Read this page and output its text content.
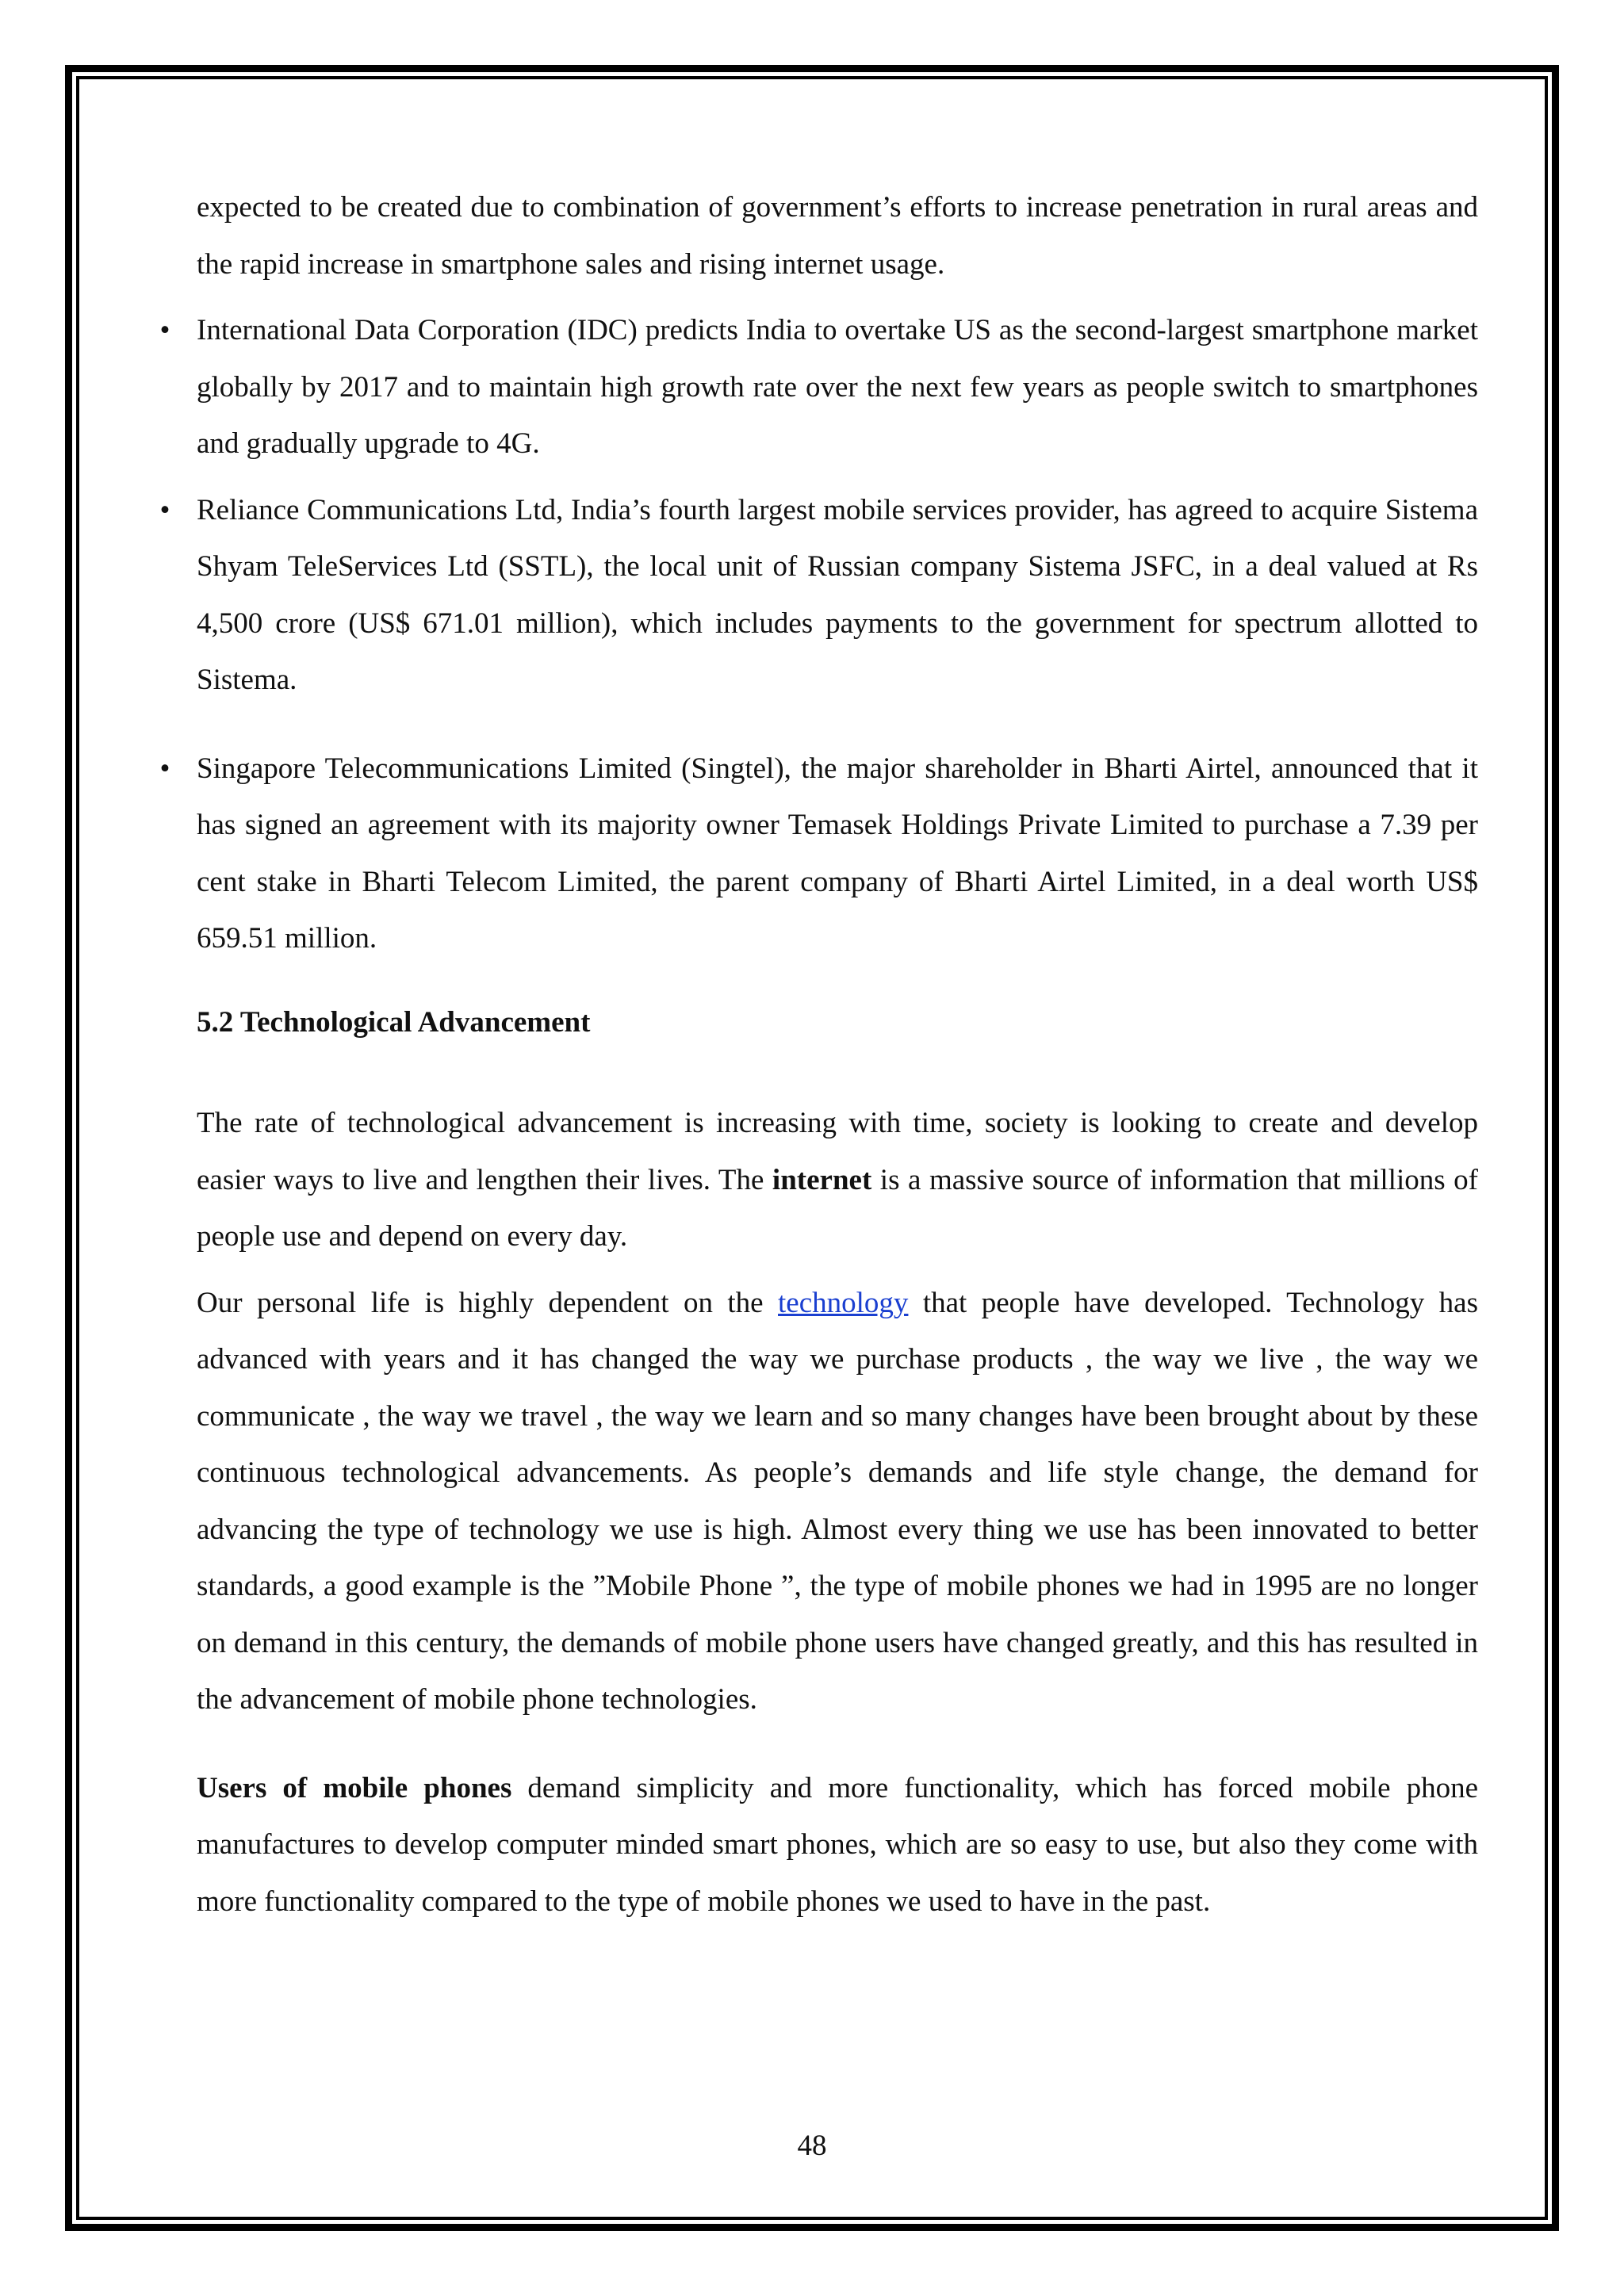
expected to be created due to combination of government’s efforts to increase penetration in rural areas and the rapid increase in smartphone sales and rising internet usage.

• International Data Corporation (IDC) predicts India to overtake US as the second-largest smartphone market globally by 2017 and to maintain high growth rate over the next few years as people switch to smartphones and gradually upgrade to 4G.
• Reliance Communications Ltd, India’s fourth largest mobile services provider, has agreed to acquire Sistema Shyam TeleServices Ltd (SSTL), the local unit of Russian company Sistema JSFC, in a deal valued at Rs 4,500 crore (US$ 671.01 million), which includes payments to the government for spectrum allotted to Sistema.
• Singapore Telecommunications Limited (Singtel), the major shareholder in Bharti Airtel, announced that it has signed an agreement with its majority owner Temasek Holdings Private Limited to purchase a 7.39 per cent stake in Bharti Telecom Limited, the parent company of Bharti Airtel Limited, in a deal worth US$ 659.51 million.
5.2 Technological Advancement

The rate of technological advancement is increasing with time, society is looking to create and develop easier ways to live and lengthen their lives. The internet is a massive source of information that millions of people use and depend on every day.

Our personal life is highly dependent on the technology that people have developed. Technology has advanced with years and it has changed the way we purchase products , the way we live , the way we communicate , the way we travel , the way we learn and so many changes have been brought about by these continuous technological advancements. As people’s demands and life style change, the demand for advancing the type of technology we use is high. Almost every thing we use has been innovated to better standards, a good example is the ”Mobile Phone ”, the type of mobile phones we had in 1995 are no longer on demand in this century, the demands of mobile phone users have changed greatly, and this has resulted in the advancement of mobile phone technologies.

Users of mobile phones demand simplicity and more functionality, which has forced mobile phone manufactures to develop computer minded smart phones, which are so easy to use, but also they come with more functionality compared to the type of mobile phones we used to have in the past.

48
